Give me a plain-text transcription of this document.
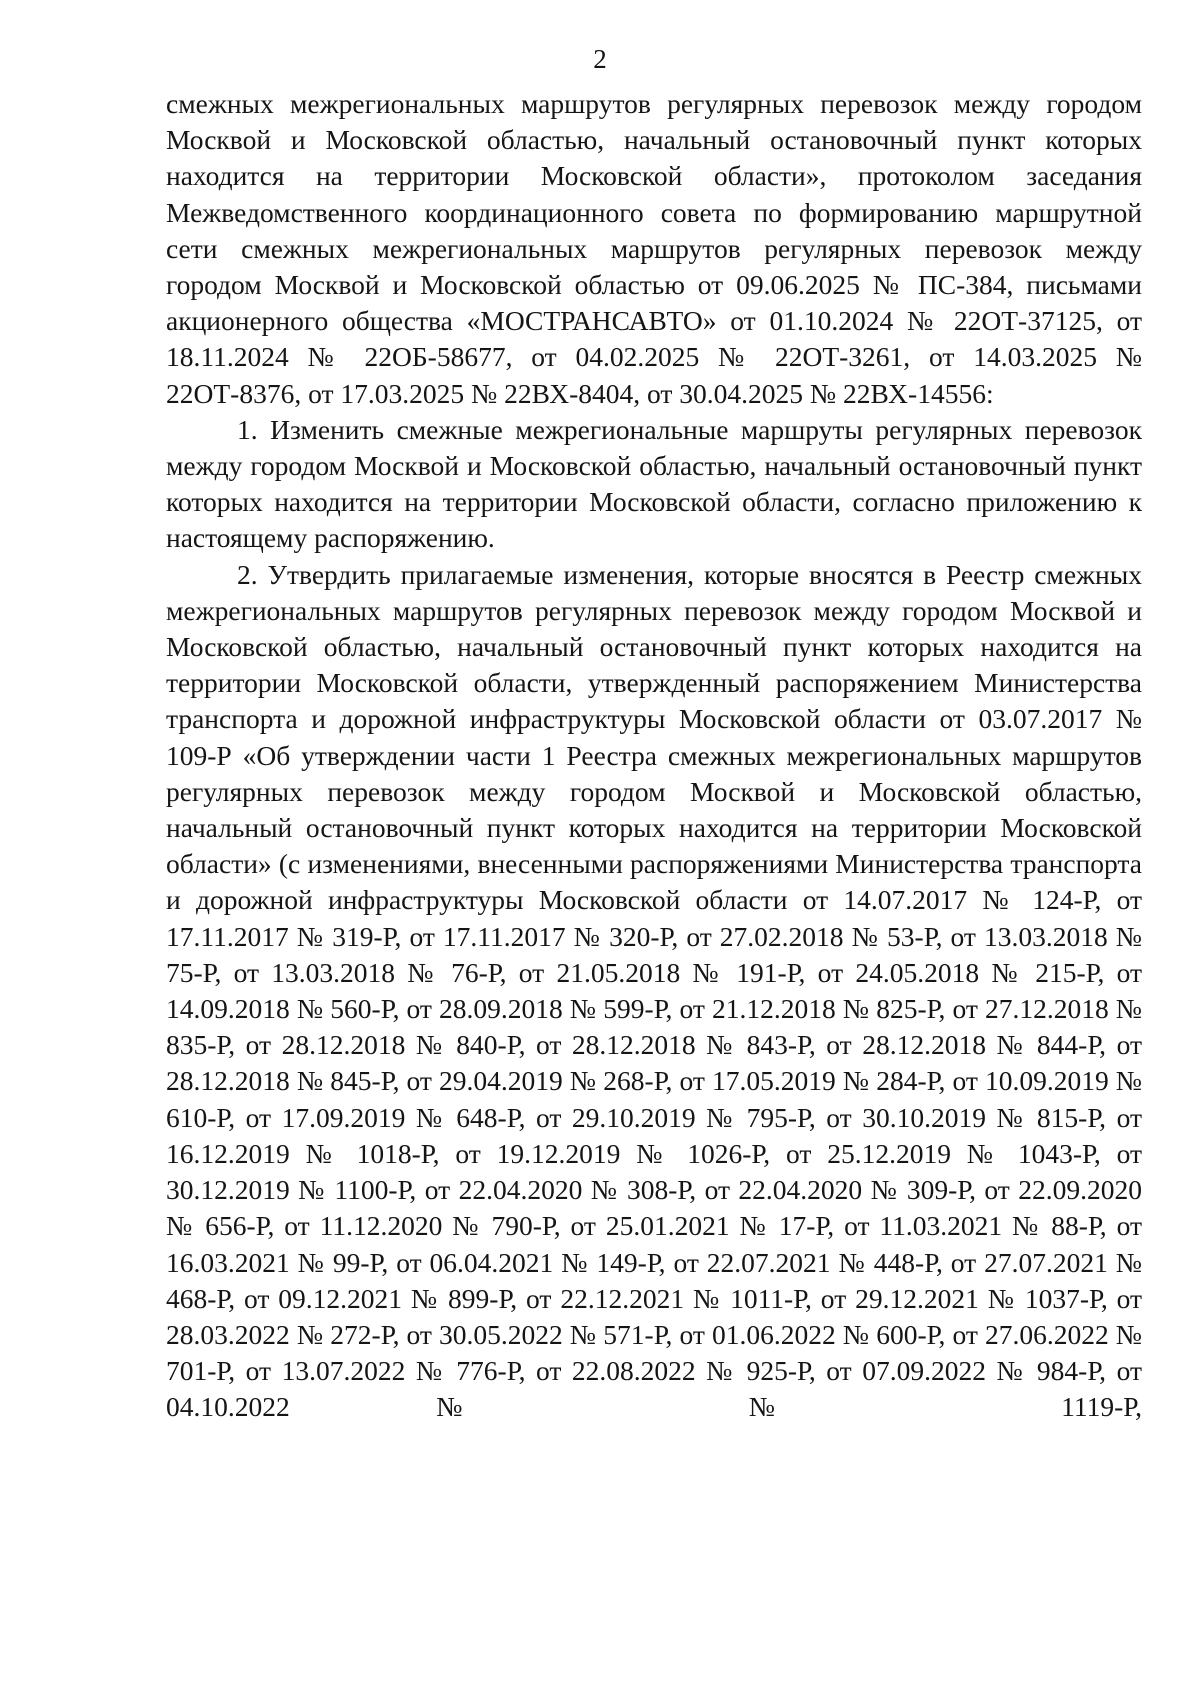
2

смежных межрегиональных маршрутов регулярных перевозок между городом Москвой и Московской областью, начальный остановочный пункт которых находится на территории Московской области», протоколом заседания Межведомственного координационного совета по формированию маршрутной сети смежных межрегиональных маршрутов регулярных перевозок между городом Москвой и Московской областью от 09.06.2025 № ПС-384, письмами акционерного общества «МОСТРАНСАВТО» от 01.10.2024 № 22ОТ-37125, от 18.11.2024 № 22ОБ-58677, от 04.02.2025 № 22ОТ-3261, от 14.03.2025 № 22ОТ-8376, от 17.03.2025 № 22ВХ-8404, от 30.04.2025 № 22ВХ-14556:

1. Изменить смежные межрегиональные маршруты регулярных перевозок между городом Москвой и Московской областью, начальный остановочный пункт которых находится на территории Московской области, согласно приложению к настоящему распоряжению.

2. Утвердить прилагаемые изменения, которые вносятся в Реестр смежных межрегиональных маршрутов регулярных перевозок между городом Москвой и Московской областью, начальный остановочный пункт которых находится на территории Московской области, утвержденный распоряжением Министерства транспорта и дорожной инфраструктуры Московской области от 03.07.2017 № 109-Р «Об утверждении части 1 Реестра смежных межрегиональных маршрутов регулярных перевозок между городом Москвой и Московской областью, начальный остановочный пункт которых находится на территории Московской области» (с изменениями, внесенными распоряжениями Министерства транспорта и дорожной инфраструктуры Московской области от 14.07.2017 № 124-Р, от 17.11.2017 № 319-Р, от 17.11.2017 № 320-Р, от 27.02.2018 № 53-Р, от 13.03.2018 № 75-Р, от 13.03.2018 № 76-Р, от 21.05.2018 № 191-Р, от 24.05.2018 № 215-Р, от 14.09.2018 № 560-Р, от 28.09.2018 № 599-Р, от 21.12.2018 № 825-Р, от 27.12.2018 № 835-Р, от 28.12.2018 № 840-Р, от 28.12.2018 № 843-Р, от 28.12.2018 № 844-Р, от 28.12.2018 № 845-Р, от 29.04.2019 № 268-Р, от 17.05.2019 № 284-Р, от 10.09.2019 № 610-Р, от 17.09.2019 № 648-Р, от 29.10.2019 № 795-Р, от 30.10.2019 № 815-Р, от 16.12.2019 № 1018-Р, от 19.12.2019 № 1026-Р, от 25.12.2019 № 1043-Р, от 30.12.2019 № 1100-Р, от 22.04.2020 № 308-Р, от 22.04.2020 № 309-Р, от 22.09.2020 № 656-Р, от 11.12.2020 № 790-Р, от 25.01.2021 № 17-Р, от 11.03.2021 № 88-Р, от 16.03.2021 № 99-Р, от 06.04.2021 № 149-Р, от 22.07.2021 № 448-Р, от 27.07.2021 № 468-Р, от 09.12.2021 № 899-Р, от 22.12.2021 № 1011-Р, от 29.12.2021 № 1037-Р, от 28.03.2022 № 272-Р, от 30.05.2022 № 571-Р, от 01.06.2022 № 600-Р, от 27.06.2022 № 701-Р, от 13.07.2022 № 776-Р, от 22.08.2022 № 925-Р, от 07.09.2022 № 984-Р, от 04.10.2022 № № 1119-Р,
